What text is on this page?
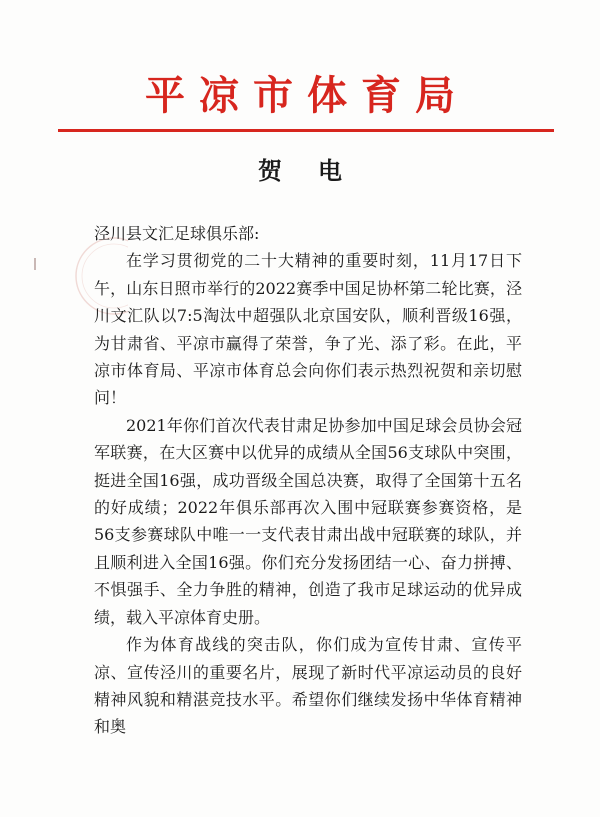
平凉市体育局
贺电

泾川县文汇足球俱乐部:

在学习贯彻党的二十大精神的重要时刻，11月17日下午，山东日照市举行的2022赛季中国足协杯第二轮比赛，泾川文汇队以7:5淘汰中超强队北京国安队，顺利晋级16强，为甘肃省、平凉市赢得了荣誉，争了光、添了彩。在此，平凉市体育局、平凉市体育总会向你们表示热烈祝贺和亲切慰问！

2021年你们首次代表甘肃足协参加中国足球会员协会冠军联赛，在大区赛中以优异的成绩从全国56支球队中突围，挺进全国16强，成功晋级全国总决赛，取得了全国第十五名的好成绩；2022年俱乐部再次入围中冠联赛参赛资格，是56支参赛球队中唯一一支代表甘肃出战中冠联赛的球队，并且顺利进入全国16强。你们充分发扬团结一心、奋力拼搏、不惧强手、全力争胜的精神，创造了我市足球运动的优异成绩，载入平凉体育史册。

作为体育战线的突击队，你们成为宣传甘肃、宣传平凉、宣传泾川的重要名片，展现了新时代平凉运动员的良好精神风貌和精湛竞技水平。希望你们继续发扬中华体育精神和奥
